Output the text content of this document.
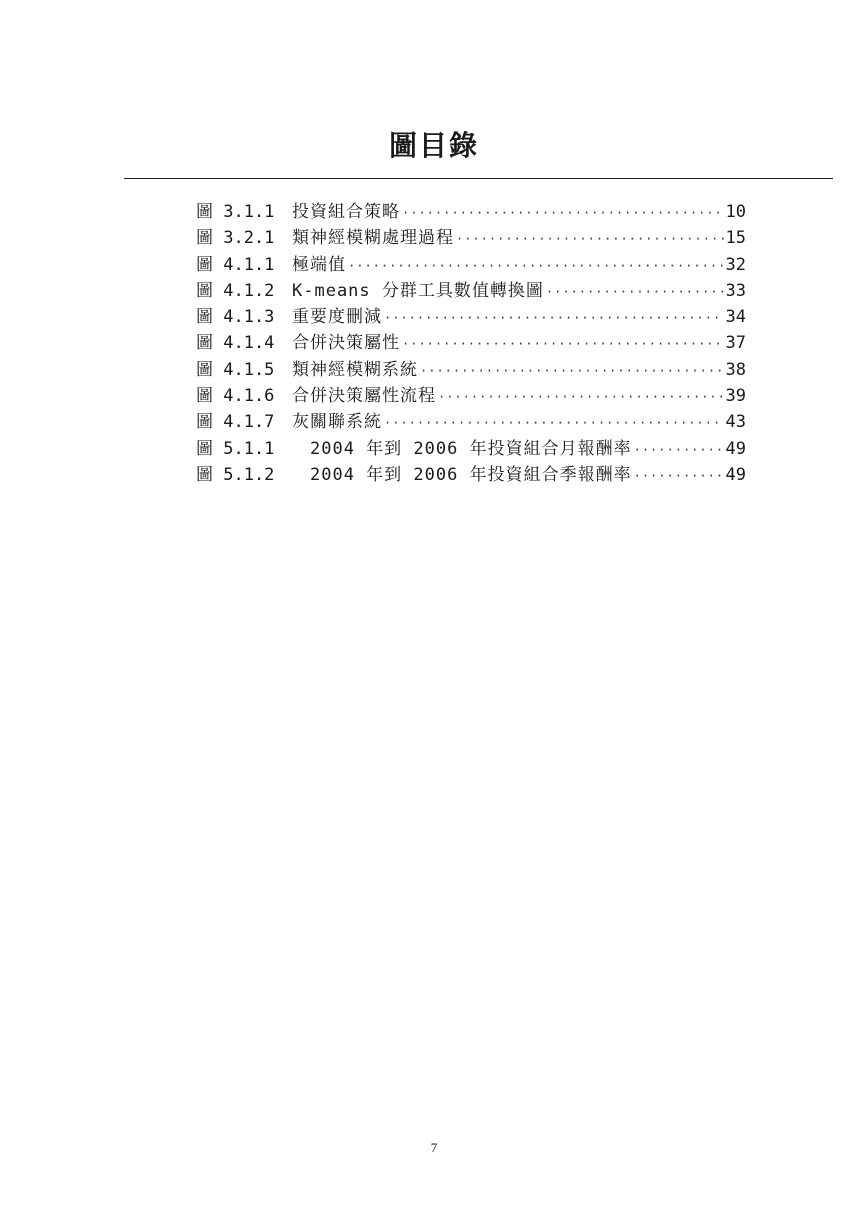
圖目錄
圖 3.1.1	投資組合策略 ·····	10
圖 3.2.1	類神經模糊處理過程 ·····	15
圖 4.1.1	極端值 ·····	32
圖 4.1.2	K-means 分群工具數值轉換圖 ·····	33
圖 4.1.3	重要度刪減 ·····	34
圖 4.1.4	合併決策屬性 ·····	37
圖 4.1.5	類神經模糊系統 ·····	38
圖 4.1.6	合併決策屬性流程 ·····	39
圖 4.1.7	灰關聯系統 ·····	43
圖 5.1.1	2004 年到 2006 年投資組合月報酬率 ·····	49
圖 5.1.2	2004 年到 2006 年投資組合季報酬率 ·····	49
7
